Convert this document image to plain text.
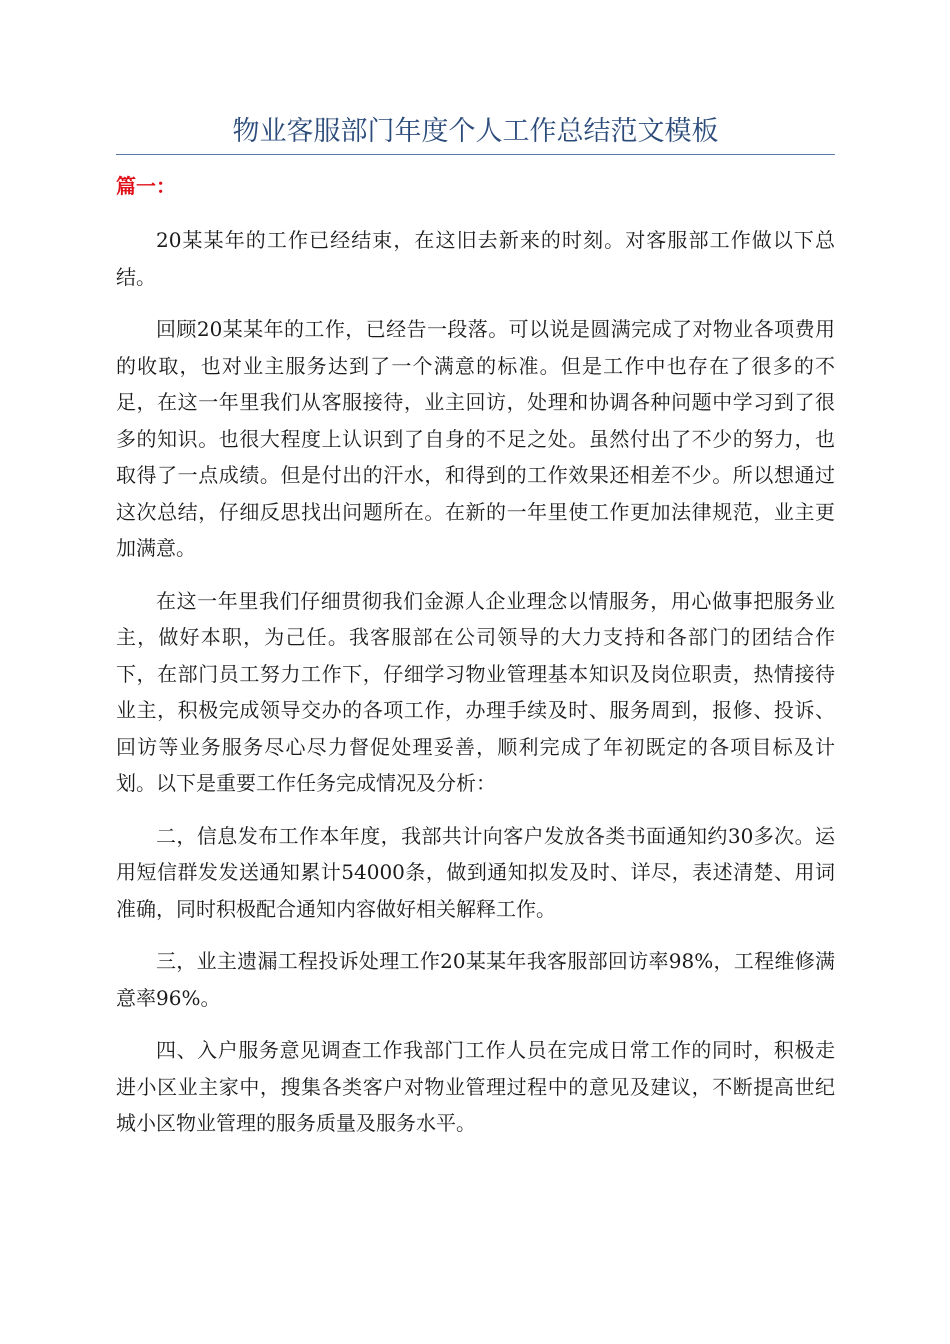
物业客服部门年度个人工作总结范文模板
篇一：

20某某年的工作已经结束，在这旧去新来的时刻。对客服部工作做以下总结。

回顾20某某年的工作，已经告一段落。可以说是圆满完成了对物业各项费用的收取，也对业主服务达到了一个满意的标准。但是工作中也存在了很多的不足，在这一年里我们从客服接待，业主回访，处理和协调各种问题中学习到了很多的知识。也很大程度上认识到了自身的不足之处。虽然付出了不少的努力，也取得了一点成绩。但是付出的汗水，和得到的工作效果还相差不少。所以想通过这次总结，仔细反思找出问题所在。在新的一年里使工作更加法律规范，业主更加满意。

在这一年里我们仔细贯彻我们金源人企业理念以情服务，用心做事把服务业主，做好本职，为己任。我客服部在公司领导的大力支持和各部门的团结合作下，在部门员工努力工作下，仔细学习物业管理基本知识及岗位职责，热情接待业主，积极完成领导交办的各项工作，办理手续及时、服务周到，报修、投诉、回访等业务服务尽心尽力督促处理妥善，顺利完成了年初既定的各项目标及计划。以下是重要工作任务完成情况及分析：

二，信息发布工作本年度，我部共计向客户发放各类书面通知约30多次。运用短信群发发送通知累计54000条，做到通知拟发及时、详尽，表述清楚、用词准确，同时积极配合通知内容做好相关解释工作。

三，业主遗漏工程投诉处理工作20某某年我客服部回访率98%，工程维修满意率96%。

四、入户服务意见调查工作我部门工作人员在完成日常工作的同时，积极走进小区业主家中，搜集各类客户对物业管理过程中的意见及建议，不断提高世纪城小区物业管理的服务质量及服务水平。
